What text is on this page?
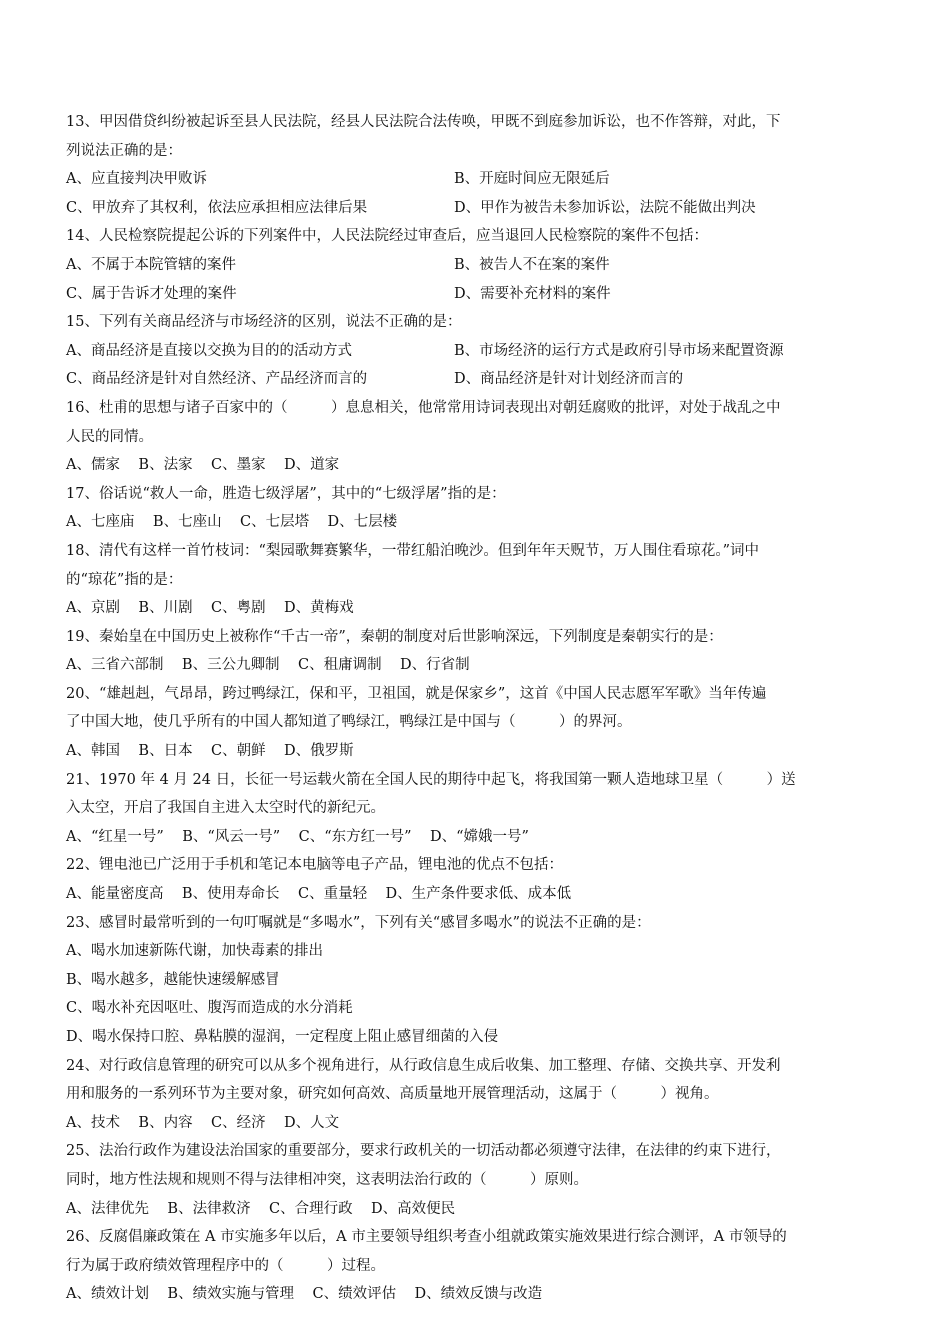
13、甲因借贷纠纷被起诉至县人民法院，经县人民法院合法传唤，甲既不到庭参加诉讼，也不作答辩，对此，下
列说法正确的是：
A、应直接判决甲败诉	B、开庭时间应无限延后
C、甲放弃了其权利，依法应承担相应法律后果	D、甲作为被告未参加诉讼，法院不能做出判决
14、人民检察院提起公诉的下列案件中，人民法院经过审查后，应当退回人民检察院的案件不包括：
A、不属于本院管辖的案件	B、被告人不在案的案件
C、属于告诉才处理的案件	D、需要补充材料的案件
15、下列有关商品经济与市场经济的区别，说法不正确的是：
A、商品经济是直接以交换为目的的活动方式	B、市场经济的运行方式是政府引导市场来配置资源
C、商品经济是针对自然经济、产品经济而言的	D、商品经济是针对计划经济而言的
16、杜甫的思想与诸子百家中的（　　　）息息相关，他常常用诗词表现出对朝廷腐败的批评，对处于战乱之中
人民的同情。
A、儒家    B、法家    C、墨家    D、道家
17、俗话说“救人一命，胜造七级浮屠”，其中的“七级浮屠”指的是：
A、七座庙    B、七座山    C、七层塔    D、七层楼
18、清代有这样一首竹枝词：“梨园歌舞赛繁华，一带红船泊晚沙。但到年年天贶节，万人围住看琼花。”词中
的“琼花”指的是：
A、京剧    B、川剧    C、粤剧    D、黄梅戏
19、秦始皇在中国历史上被称作“千古一帝”，秦朝的制度对后世影响深远，下列制度是秦朝实行的是：
A、三省六部制    B、三公九卿制    C、租庸调制    D、行省制
20、“雄赳赳，气昂昂，跨过鸭绿江，保和平，卫祖国，就是保家乡”，这首《中国人民志愿军军歌》当年传遍
了中国大地，使几乎所有的中国人都知道了鸭绿江，鸭绿江是中国与（　　　）的界河。
A、韩国    B、日本    C、朝鲜    D、俄罗斯
21、1970 年 4 月 24 日，长征一号运载火箭在全国人民的期待中起飞，将我国第一颗人造地球卫星（　　　）送
入太空，开启了我国自主进入太空时代的新纪元。
A、“红星一号”    B、“风云一号”    C、“东方红一号”    D、“嫦娥一号”
22、锂电池已广泛用于手机和笔记本电脑等电子产品，锂电池的优点不包括：
A、能量密度高    B、使用寿命长    C、重量轻    D、生产条件要求低、成本低
23、感冒时最常听到的一句叮嘱就是“多喝水”，下列有关“感冒多喝水”的说法不正确的是：
A、喝水加速新陈代谢，加快毒素的排出
B、喝水越多，越能快速缓解感冒
C、喝水补充因呕吐、腹泻而造成的水分消耗
D、喝水保持口腔、鼻粘膜的湿润，一定程度上阻止感冒细菌的入侵
24、对行政信息管理的研究可以从多个视角进行，从行政信息生成后收集、加工整理、存储、交换共享、开发利
用和服务的一系列环节为主要对象，研究如何高效、高质量地开展管理活动，这属于（　　　）视角。
A、技术    B、内容    C、经济    D、人文
25、法治行政作为建设法治国家的重要部分，要求行政机关的一切活动都必须遵守法律，在法律的约束下进行，
同时，地方性法规和规则不得与法律相冲突，这表明法治行政的（　　　）原则。
A、法律优先    B、法律救济    C、合理行政    D、高效便民
26、反腐倡廉政策在 A 市实施多年以后，A 市主要领导组织考查小组就政策实施效果进行综合测评，A 市领导的
行为属于政府绩效管理程序中的（　　　）过程。
A、绩效计划    B、绩效实施与管理    C、绩效评估    D、绩效反馈与改造
